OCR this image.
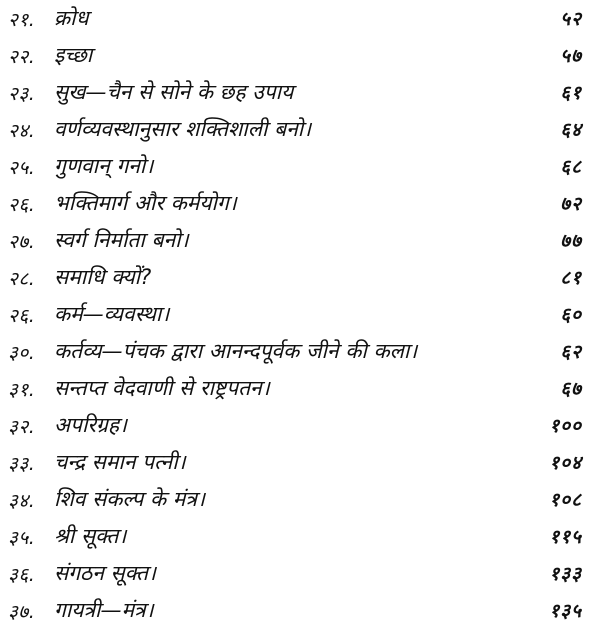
२१. क्रोध	५२
२२. इच्छा	५७
२३. सुख—चैन से सोने के छह उपाय	६१
२४. वर्णव्यवस्थानुसार शक्तिशाली बनो।	६४
२५. गुणवान् गनो।	६८
२६. भक्तिमार्ग और कर्मयोग।	७२
२७. स्वर्ग निर्माता बनो।	७७
२८. समाधि क्यों?	८१
२६. कर्म—व्यवस्था।	६०
३०. कर्तव्य—पंचक द्वारा आनन्दपूर्वक जीने की कला।	६२
३१. सन्तप्त वेदवाणी से राष्ट्रपतन।	६७
३२. अपरिग्रह।	१००
३३. चन्द्र समान पत्नी।	१०४
३४. शिव संकल्प के मंत्र।	१०८
३५. श्री सूक्त।	११५
३६. संगठन सूक्त।	१३३
३७. गायत्री—मंत्र।	१३५
